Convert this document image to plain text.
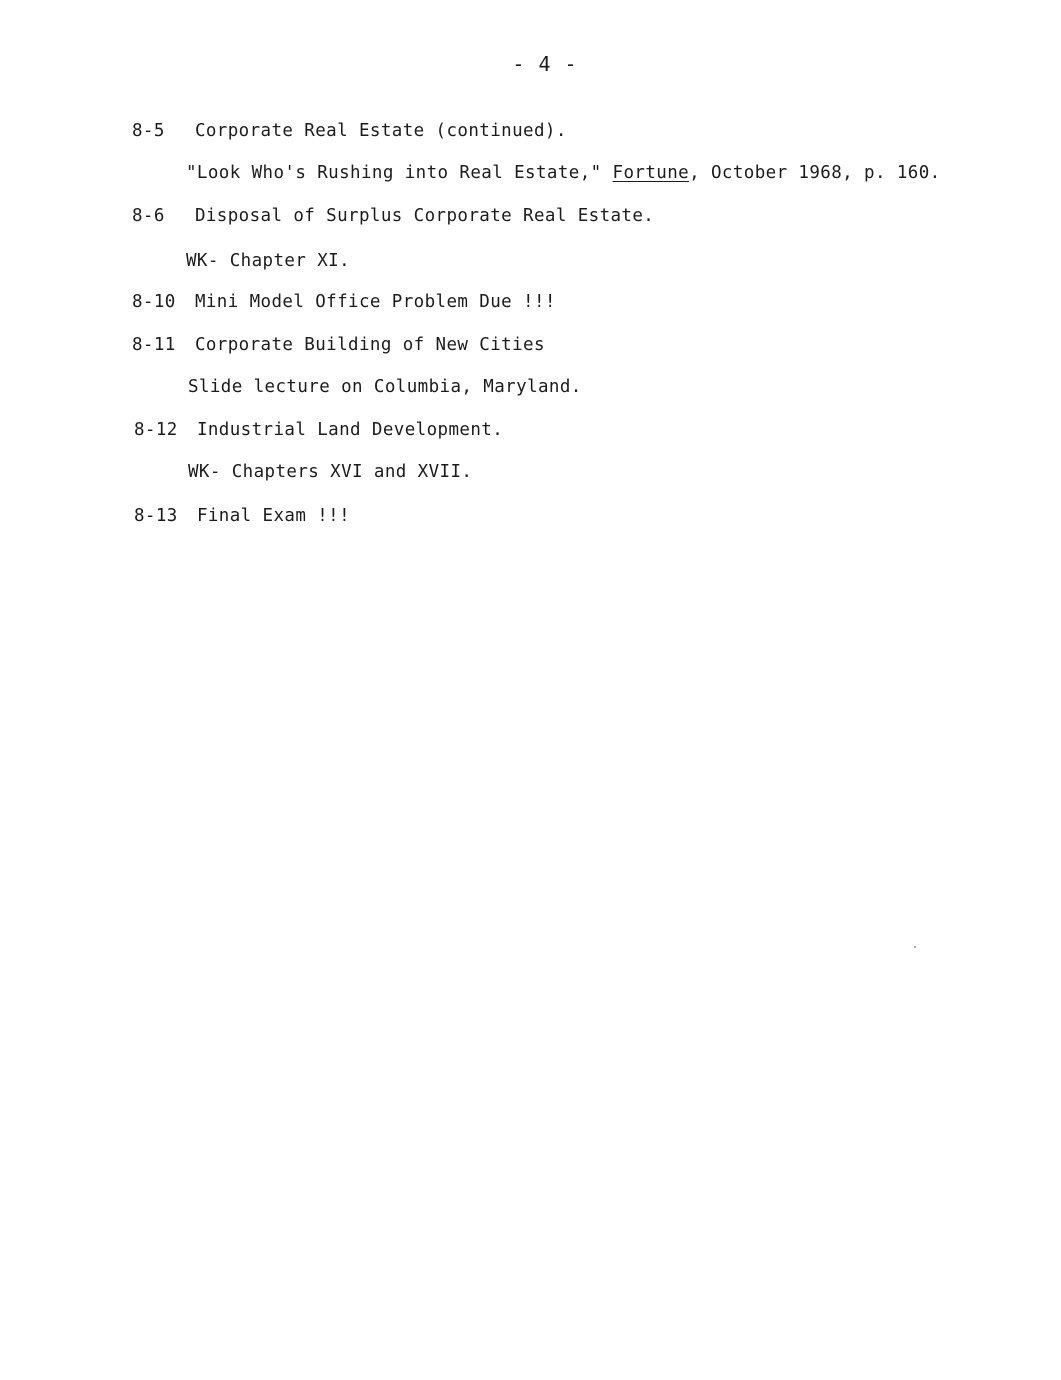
- 4 -
8-5 Corporate Real Estate (continued).
"Look Who's Rushing into Real Estate," Fortune, October 1968, p. 160.
8-6 Disposal of Surplus Corporate Real Estate.
WK- Chapter XI.
8-10 Mini Model Office Problem Due !!!
8-11 Corporate Building of New Cities
Slide lecture on Columbia, Maryland.
8-12 Industrial Land Development.
WK- Chapters XVI and XVII.
8-13 Final Exam !!!
